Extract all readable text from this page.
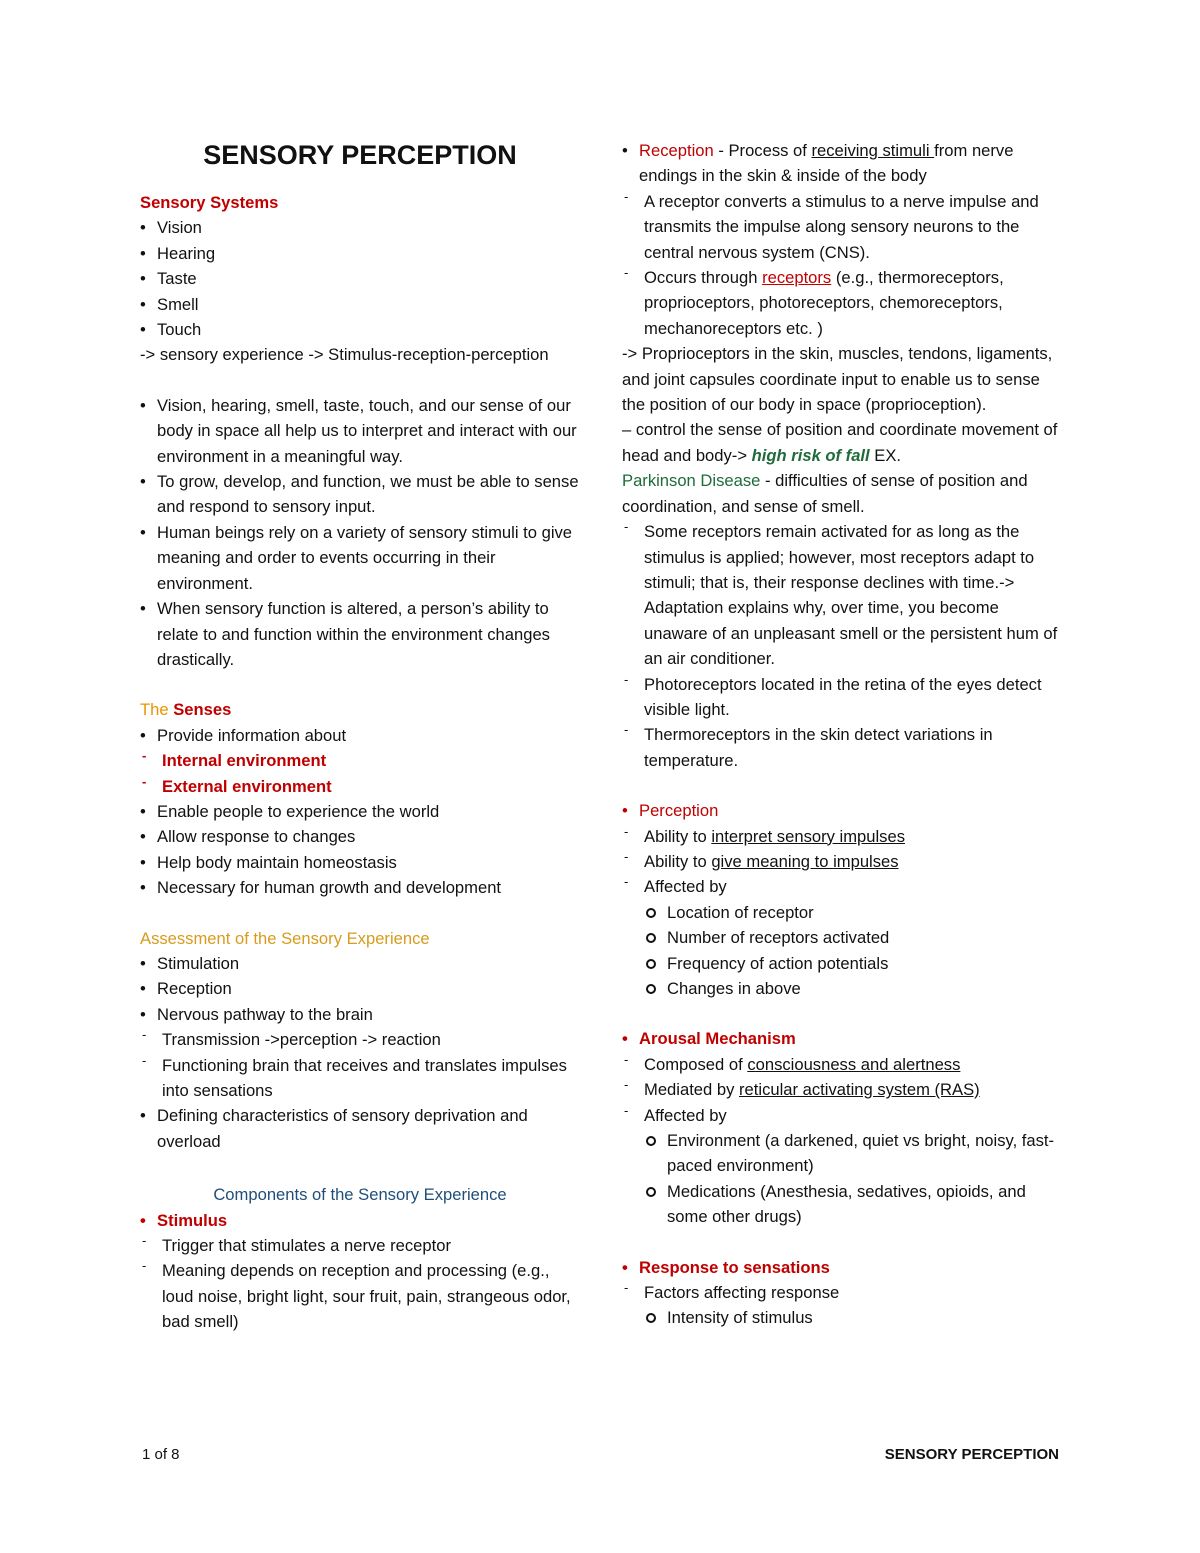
SENSORY PERCEPTION
Sensory Systems
• Vision
• Hearing
• Taste
• Smell
• Touch
-> sensory experience -> Stimulus-reception-perception
• Vision, hearing, smell, taste, touch, and our sense of our body in space all help us to interpret and interact with our environment in a meaningful way.
• To grow, develop, and function, we must be able to sense and respond to sensory input.
• Human beings rely on a variety of sensory stimuli to give meaning and order to events occurring in their environment.
• When sensory function is altered, a person’s ability to relate to and function within the environment changes drastically.
The Senses
• Provide information about
- Internal environment
- External environment
• Enable people to experience the world
• Allow response to changes
• Help body maintain homeostasis
• Necessary for human growth and development
Assessment of the Sensory Experience
• Stimulation
• Reception
• Nervous pathway to the brain
- Transmission ->perception -> reaction
- Functioning brain that receives and translates impulses into sensations
• Defining characteristics of sensory deprivation and overload
Components of the Sensory Experience
• Stimulus
- Trigger that stimulates a nerve receptor
- Meaning depends on reception and processing (e.g., loud noise, bright light, sour fruit, pain, strangeous odor, bad smell)
• Reception - Process of receiving stimuli from nerve endings in the skin & inside of the body
- A receptor converts a stimulus to a nerve impulse and transmits the impulse along sensory neurons to the central nervous system (CNS).
- Occurs through receptors (e.g., thermoreceptors, proprioceptors, photoreceptors, chemoreceptors, mechanoreceptors etc. )
-> Proprioceptors in the skin, muscles, tendons, ligaments, and joint capsules coordinate input to enable us to sense the position of our body in space (proprioception).
– control the sense of position and coordinate movement of head and body-> high risk of fall EX.
Parkinson Disease - difficulties of sense of position and coordination, and sense of smell.
- Some receptors remain activated for as long as the stimulus is applied; however, most receptors adapt to stimuli; that is, their response declines with time.-> Adaptation explains why, over time, you become unaware of an unpleasant smell or the persistent hum of an air conditioner.
- Photoreceptors located in the retina of the eyes detect visible light.
- Thermoreceptors in the skin detect variations in temperature.
• Perception
- Ability to interpret sensory impulses
- Ability to give meaning to impulses
- Affected by
Location of receptor
Number of receptors activated
Frequency of action potentials
Changes in above
• Arousal Mechanism
- Composed of consciousness and alertness
- Mediated by reticular activating system (RAS)
- Affected by
Environment (a darkened, quiet vs bright, noisy, fast-paced environment)
Medications (Anesthesia, sedatives, opioids, and some other drugs)
• Response to sensations
- Factors affecting response
Intensity of stimulus
1 of 8	SENSORY PERCEPTION
